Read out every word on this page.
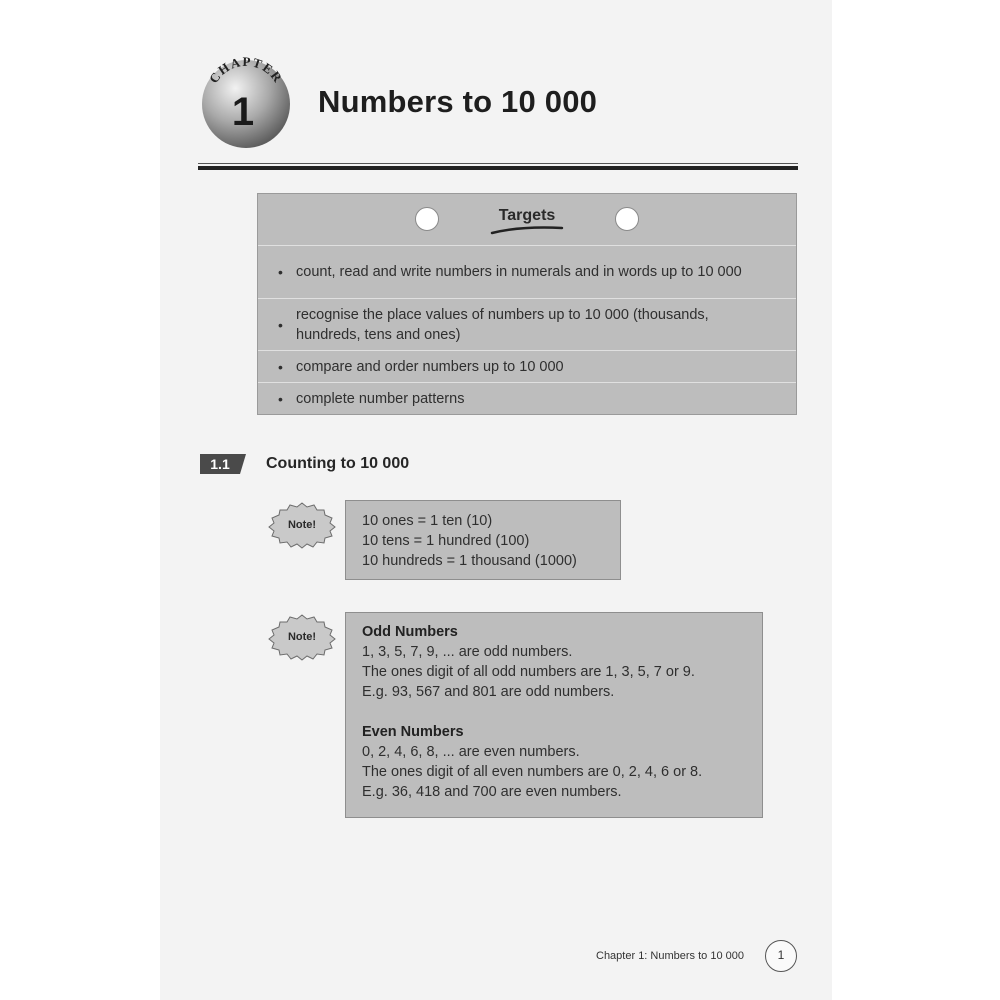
CHAPTER
1 Numbers to 10 000
Targets
• count, read and write numbers in numerals and in words up to 10 000
•
recognise the place values of numbers up to 10 000 (thousands, hundreds, tens and ones)
• compare and order numbers up to 10 000
• complete number patterns
1.1	Counting to 10 000
Note!	10 ones = 1 ten (10)
10 tens = 1 hundred (100)
10 hundreds = 1 thousand (1000)
Note!	Odd Numbers
1, 3, 5, 7, 9, ... are odd numbers.
The ones digit of all odd numbers are 1, 3, 5, 7 or 9.
E.g. 93, 567 and 801 are odd numbers.
Even Numbers
0, 2, 4, 6, 8, ... are even numbers.
The ones digit of all even numbers are 0, 2, 4, 6 or 8.
E.g. 36, 418 and 700 are even numbers.
Chapter 1: Numbers to 10 000	1
